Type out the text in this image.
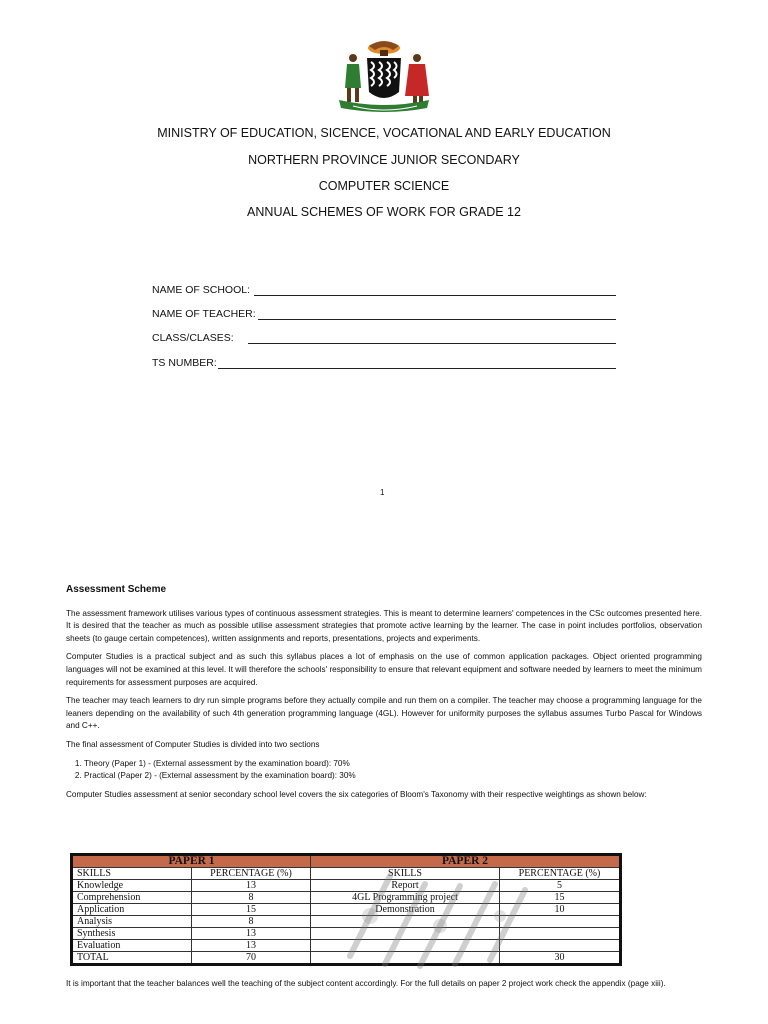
MINISTRY OF EDUCATION, SICENCE, VOCATIONAL AND EARLY EDUCATION
NORTHERN PROVINCE JUNIOR SECONDARY
COMPUTER SCIENCE
ANNUAL SCHEMES OF WORK FOR GRADE 12
NAME OF SCHOOL:
NAME OF TEACHER:
CLASS/CLASES:
TS NUMBER:
1
Assessment Scheme

The assessment framework utilises various types of continuous assessment strategies. This is meant to determine learners' competences in the CSc outcomes presented here. It is desired that the teacher as much as possible utilise assessment strategies that promote active learning by the learner. The case in point includes portfolios, observation sheets (to gauge certain competences), written assignments and reports, presentations, projects and experiments.

Computer Studies is a practical subject and as such this syllabus places a lot of emphasis on the use of common application packages. Object oriented programming languages will not be examined at this level. It will therefore the schools' responsibility to ensure that relevant equipment and software needed by learners to meet the minimum requirements for assessment purposes are acquired.

The teacher may teach learners to dry run simple programs before they actually compile and run them on a compiler. The teacher may choose a programming language for the leaners depending on the availability of such 4th generation programming language (4GL). However for uniformity purposes the syllabus assumes Turbo Pascal for Windows and C++.

The final assessment of Computer Studies is divided into two sections

1. Theory (Paper 1) - (External assessment by the examination board): 70%
2. Practical (Paper 2) - (External assessment by the examination board): 30%

Computer Studies assessment at senior secondary school level covers the six categories of Bloom's Taxonomy with their respective weightings as shown below:

PAPER 1		PAPER 2	
SKILLS	PERCENTAGE (%)	SKILLS	PERCENTAGE (%)
Knowledge	13	Report	5
Comprehension	8	4GL Programming project	15
Application	15	Demonstration	10
Analysis	8		
Synthesis	13		
Evaluation	13		
TOTAL	70		30
It is important that the teacher balances well the teaching of the subject content accordingly. For the full details on paper 2 project work check the appendix (page xiii).
